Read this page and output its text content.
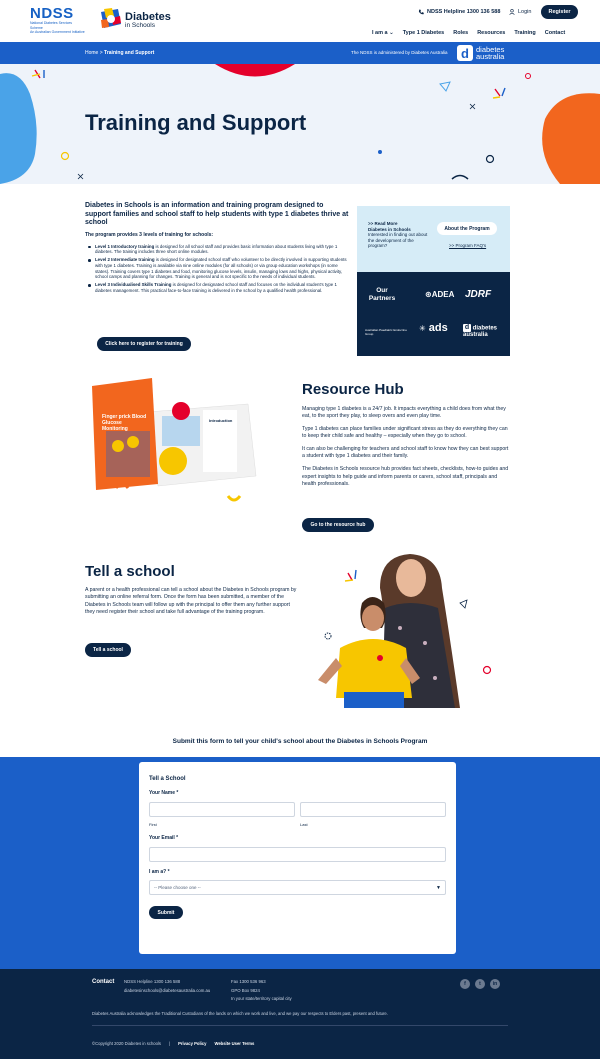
NDSS
National Diabetes Services Scheme
An Australian Government Initiative
Diabetes
in Schools
NDSS Helpline 1300 136 588	Login	Register
I am a ⌄ Type 1 Diabetes Roles Resources Training Contact
Home > Training and Support	The NDSS is administered by Diabetes Australia	d diabetes
australia
Training and Support
Diabetes in Schools is an information and training program designed to support families and school staff to help students with type 1 diabetes thrive at school
The program provides 3 levels of training for schools:
Level 1 Introductory training is designed for all school staff and provides basic information about students living with type 1 diabetes. The training includes three short online modules.
Level 2 Intermediate training is designed for designated school staff who volunteer to be directly involved in supporting students with type 1 diabetes. Training is available via nine online modules (for all schools) or via group education workshops (in some states). Training covers type 1 diabetes and food, monitoring glucose levels, insulin, managing lows and highs, physical activity, school camps and planning for changes. Training is general and is not specific to the needs of individual students.
Level 3 Individualised Skills Training is designed for designated school staff and focuses on the individual student's type 1 diabetes management. This practical face-to-face training is delivered in the school by a qualified health professional.
Click here to register for training
>> Read More
Diabetes in Schools
Interested in finding out about the development of the program?
About the Program
>> Program FAQ's
Our Partners	⊛ADEA JDRF
Australian Paediatric Endocrine Group
✳ ads d diabetes australia
Finger prick Blood Glucose Monitoring
Introduction
Resource Hub

Managing type 1 diabetes is a 24/7 job. It impacts everything a child does from what they eat, to the sport they play, to sleep overs and even play time.

Type 1 diabetes can place families under significant stress as they do everything they can to keep their child safe and healthy – especially when they go to school.

It can also be challenging for teachers and school staff to know how they can best support a student with type 1 diabetes and their family.

The Diabetes in Schools resource hub provides fact sheets, checklists, how-to guides and expert insights to help guide and inform parents or carers, school staff, principals and health professionals.

Go to the resource hub
Tell a school
A parent or a health professional can tell a school about the Diabetes in Schools program by submitting an online referral form. Once the form has been submitted, a member of the Diabetes in Schools team will follow up with the principal to offer them any further support they need register their school and take full advantage of the training program.
Tell a school
Submit this form to tell your child's school about the Diabetes in Schools Program
Tell a School
Your Name *
First	Last
Your Email *
I am a? *
-- Please choose one --	▼
Submit
Contact NDSS Helpline 1300 136 588
diabetesinschools@diabetesaustralia.com.au
Fax 1300 536 963
GPO Box 9824
In your state/territory capital city
f	t	in
Diabetes Australia acknowledges the Traditional Custodians of the lands on which we work and live, and we pay our respects to Elders past, present and future.
©Copyright 2020 Diabetes in schools | Privacy Policy Website User Terms
